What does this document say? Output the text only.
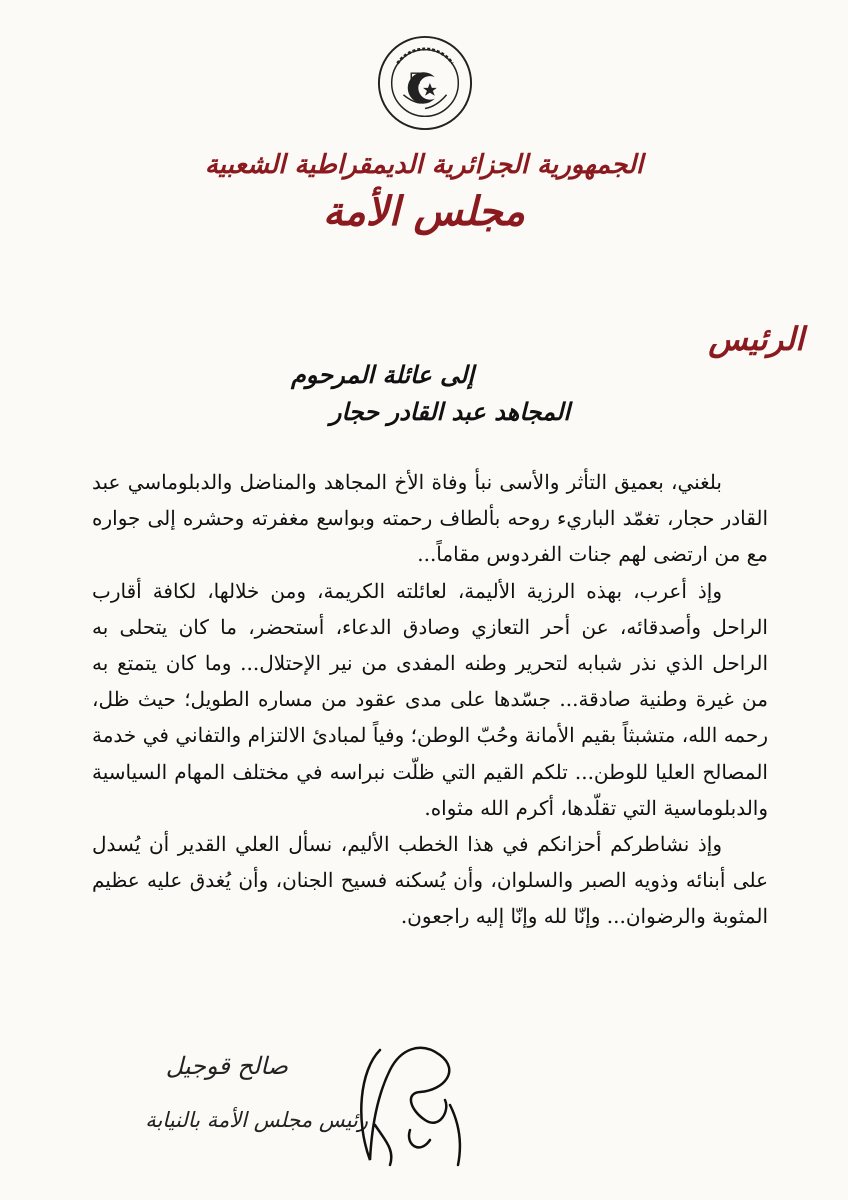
الجمهورية الجزائرية الديمقراطية الشعبية
مجلس الأمة
الرئيس
إلى عائلة المرحوم
المجاهد عبد القادر حجار

بلغني، بعميق التأثر والأسى نبأ وفاة الأخ المجاهد والمناضل والدبلوماسي عبد القادر حجار، تغمّد الباريء روحه بألطاف رحمته وبواسع مغفرته وحشره إلى جواره مع من ارتضى لهم جنات الفردوس مقاماً...

وإذ أعرب، بهذه الرزية الأليمة، لعائلته الكريمة، ومن خلالها، لكافة أقارب الراحل وأصدقائه، عن أحر التعازي وصادق الدعاء، أستحضر، ما كان يتحلى به الراحل الذي نذر شبابه لتحرير وطنه المفدى من نير الإحتلال... وما كان يتمتع به من غيرة وطنية صادقة... جسّدها على مدى عقود من مساره الطويل؛ حيث ظل، رحمه الله، متشبثاً بقيم الأمانة وحُبّ الوطن؛ وفياً لمبادئ الالتزام والتفاني في خدمة المصالح العليا للوطن... تلكم القيم التي ظلّت نبراسه في مختلف المهام السياسية والدبلوماسية التي تقلّدها، أكرم الله مثواه.

وإذ نشاطركم أحزانكم في هذا الخطب الأليم، نسأل العلي القدير أن يُسدل على أبنائه وذويه الصبر والسلوان، وأن يُسكنه فسيح الجنان، وأن يُغدق عليه عظيم المثوبة والرضوان... وإنّا لله وإنّا إليه راجعون.

صالح قوجيل
رئيس مجلس الأمة بالنيابة
